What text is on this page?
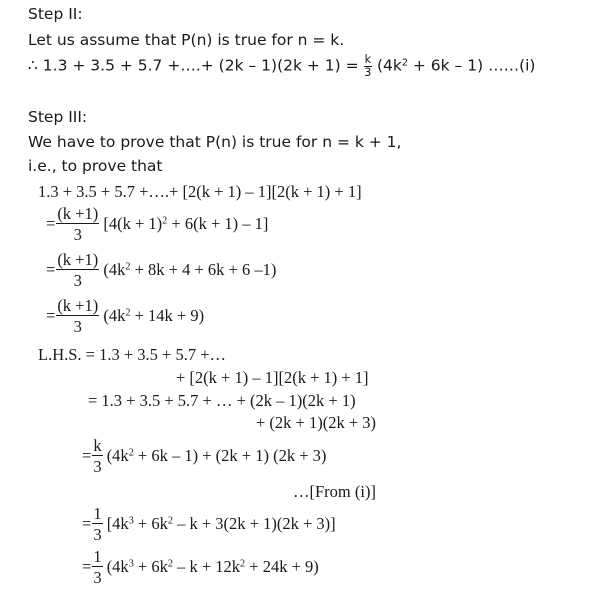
Step II:
Let us assume that P(n) is true for n = k.
∴ 1.3 + 3.5 + 5.7 +….+ $(2k - 1)(2k + 1) = \frac{k}{3} (4k^2 + 6k - 1)$ ……(i)
Step III:
We have to prove that P(n) is true for n = k + 1,
i.e., to prove that
1.3 + 3.5 + 5.7 +….+ [2(k + 1) – 1][2(k + 1) + 1]
= $\frac{(k +1)}{3} [4(k + 1)^2 + 6(k + 1) - 1]$
= $\frac{(k +1)}{3} (4k^2 + 8k + 4 + 6k + 6$ –1)
= $\frac{(k +1)}{3} (4k^2 + 14k + 9)$
L.H.S. = 1.3 + 3.5 + 5.7 +…
+ [2(k + 1) – 1][2(k + 1) + 1]
= 1.3 + 3.5 + 5.7 + … + (2k – 1)(2k + 1)
+ (2k + 1)(2k + 3)
= $\frac{k}{3} (4k^2 + 6k - 1) + (2k + 1) (2k + 3)$
…[From (i)]
= $\frac{1}{3} [4k^3 + 6k^2 - k + 3(2k + 1)(2k + 3)]$
= $\frac{1}{3} (4k^3 + 6k^2 - k + 12k^2 + 24k + 9)$
